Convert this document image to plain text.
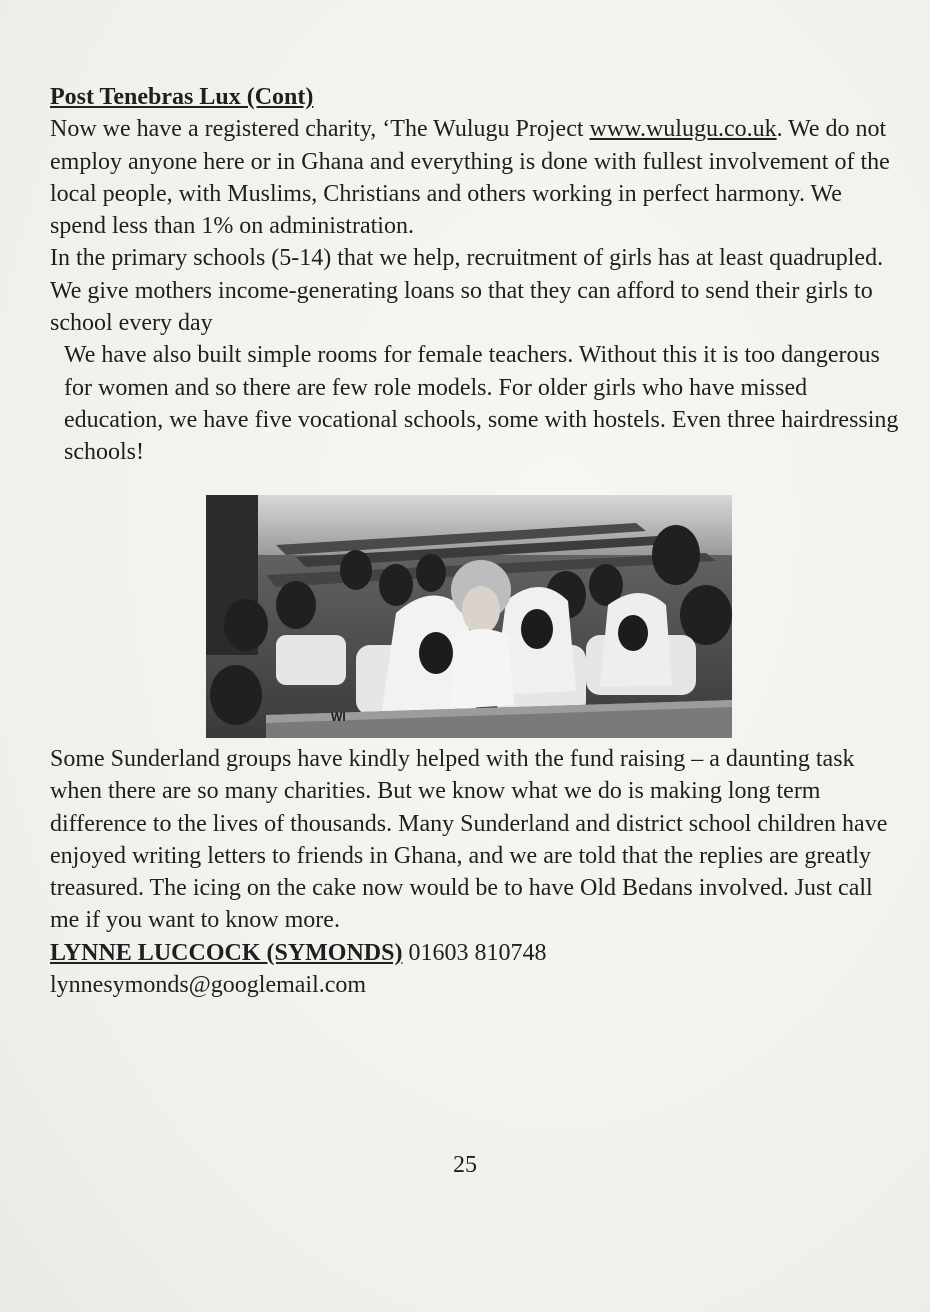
Post Tenebras Lux (Cont)
Now we have a registered charity, ‘The Wulugu Project www.wulugu.co.uk. We do not employ anyone here or in Ghana and everything is done with fullest involvement of the local people, with Muslims, Christians and others working in perfect harmony. We spend less than 1% on administration.
In the primary schools (5-14) that we help, recruitment of girls has at least quadrupled. We give mothers income-generating loans so that they can afford to send their girls to school every day
We have also built simple rooms for female teachers. Without this it is too dangerous for women and so there are few role models. For older girls who have missed education, we have five vocational schools, some with hostels. Even three hairdressing schools!
WI
Some Sunderland groups have kindly helped with the fund raising – a daunting task when there are so many charities. But we know what we do is making long term difference to the lives of thousands. Many Sunderland and district school children have enjoyed writing letters to friends in Ghana, and we are told that the replies are greatly treasured. The icing on the cake now would be to have Old Bedans involved. Just call me if you want to know more.
LYNNE LUCCOCK (SYMONDS) 01603 810748
lynnesymonds@googlemail.com
25
